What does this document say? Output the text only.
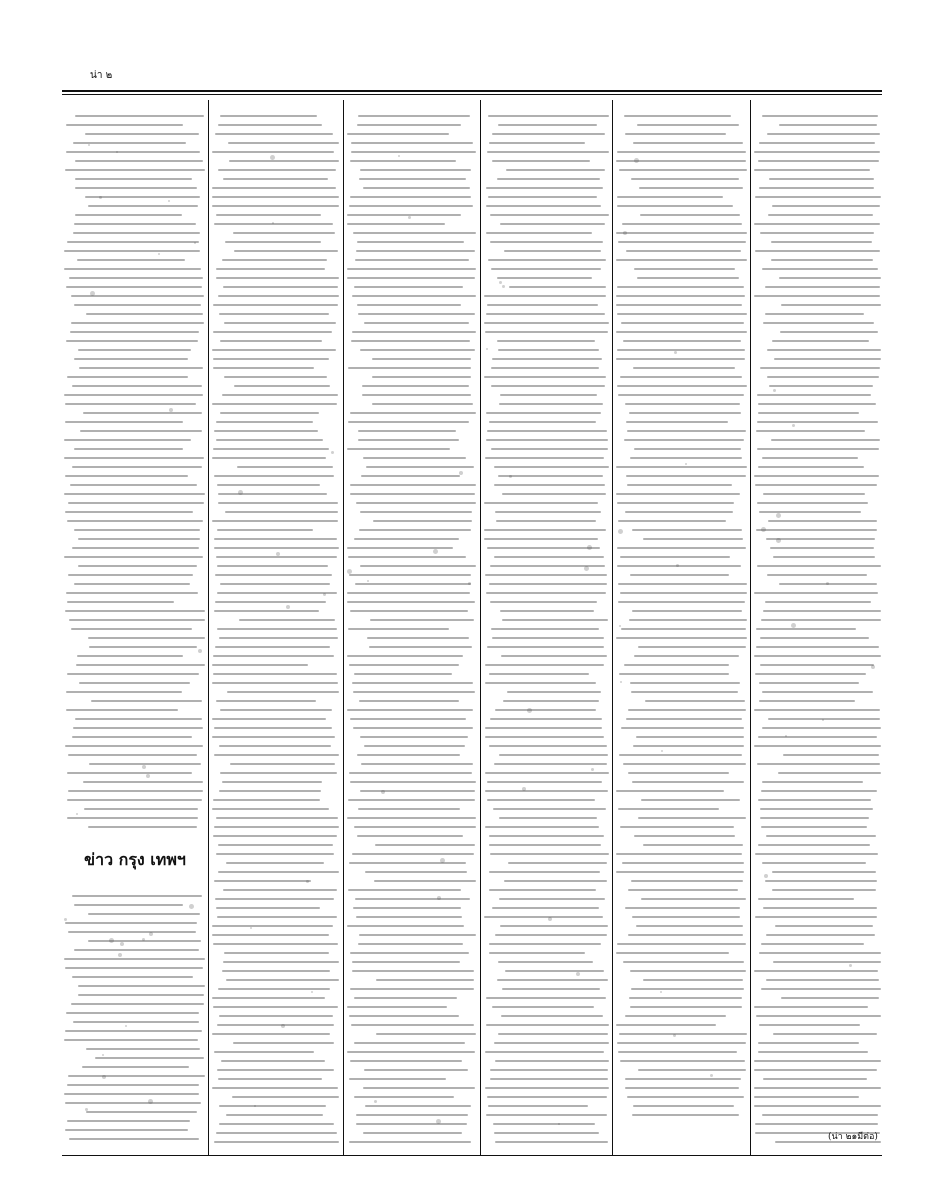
น่า ๒
ข่าว กรุง เทพฯ
(น่า ๒๑มีต่อ)
